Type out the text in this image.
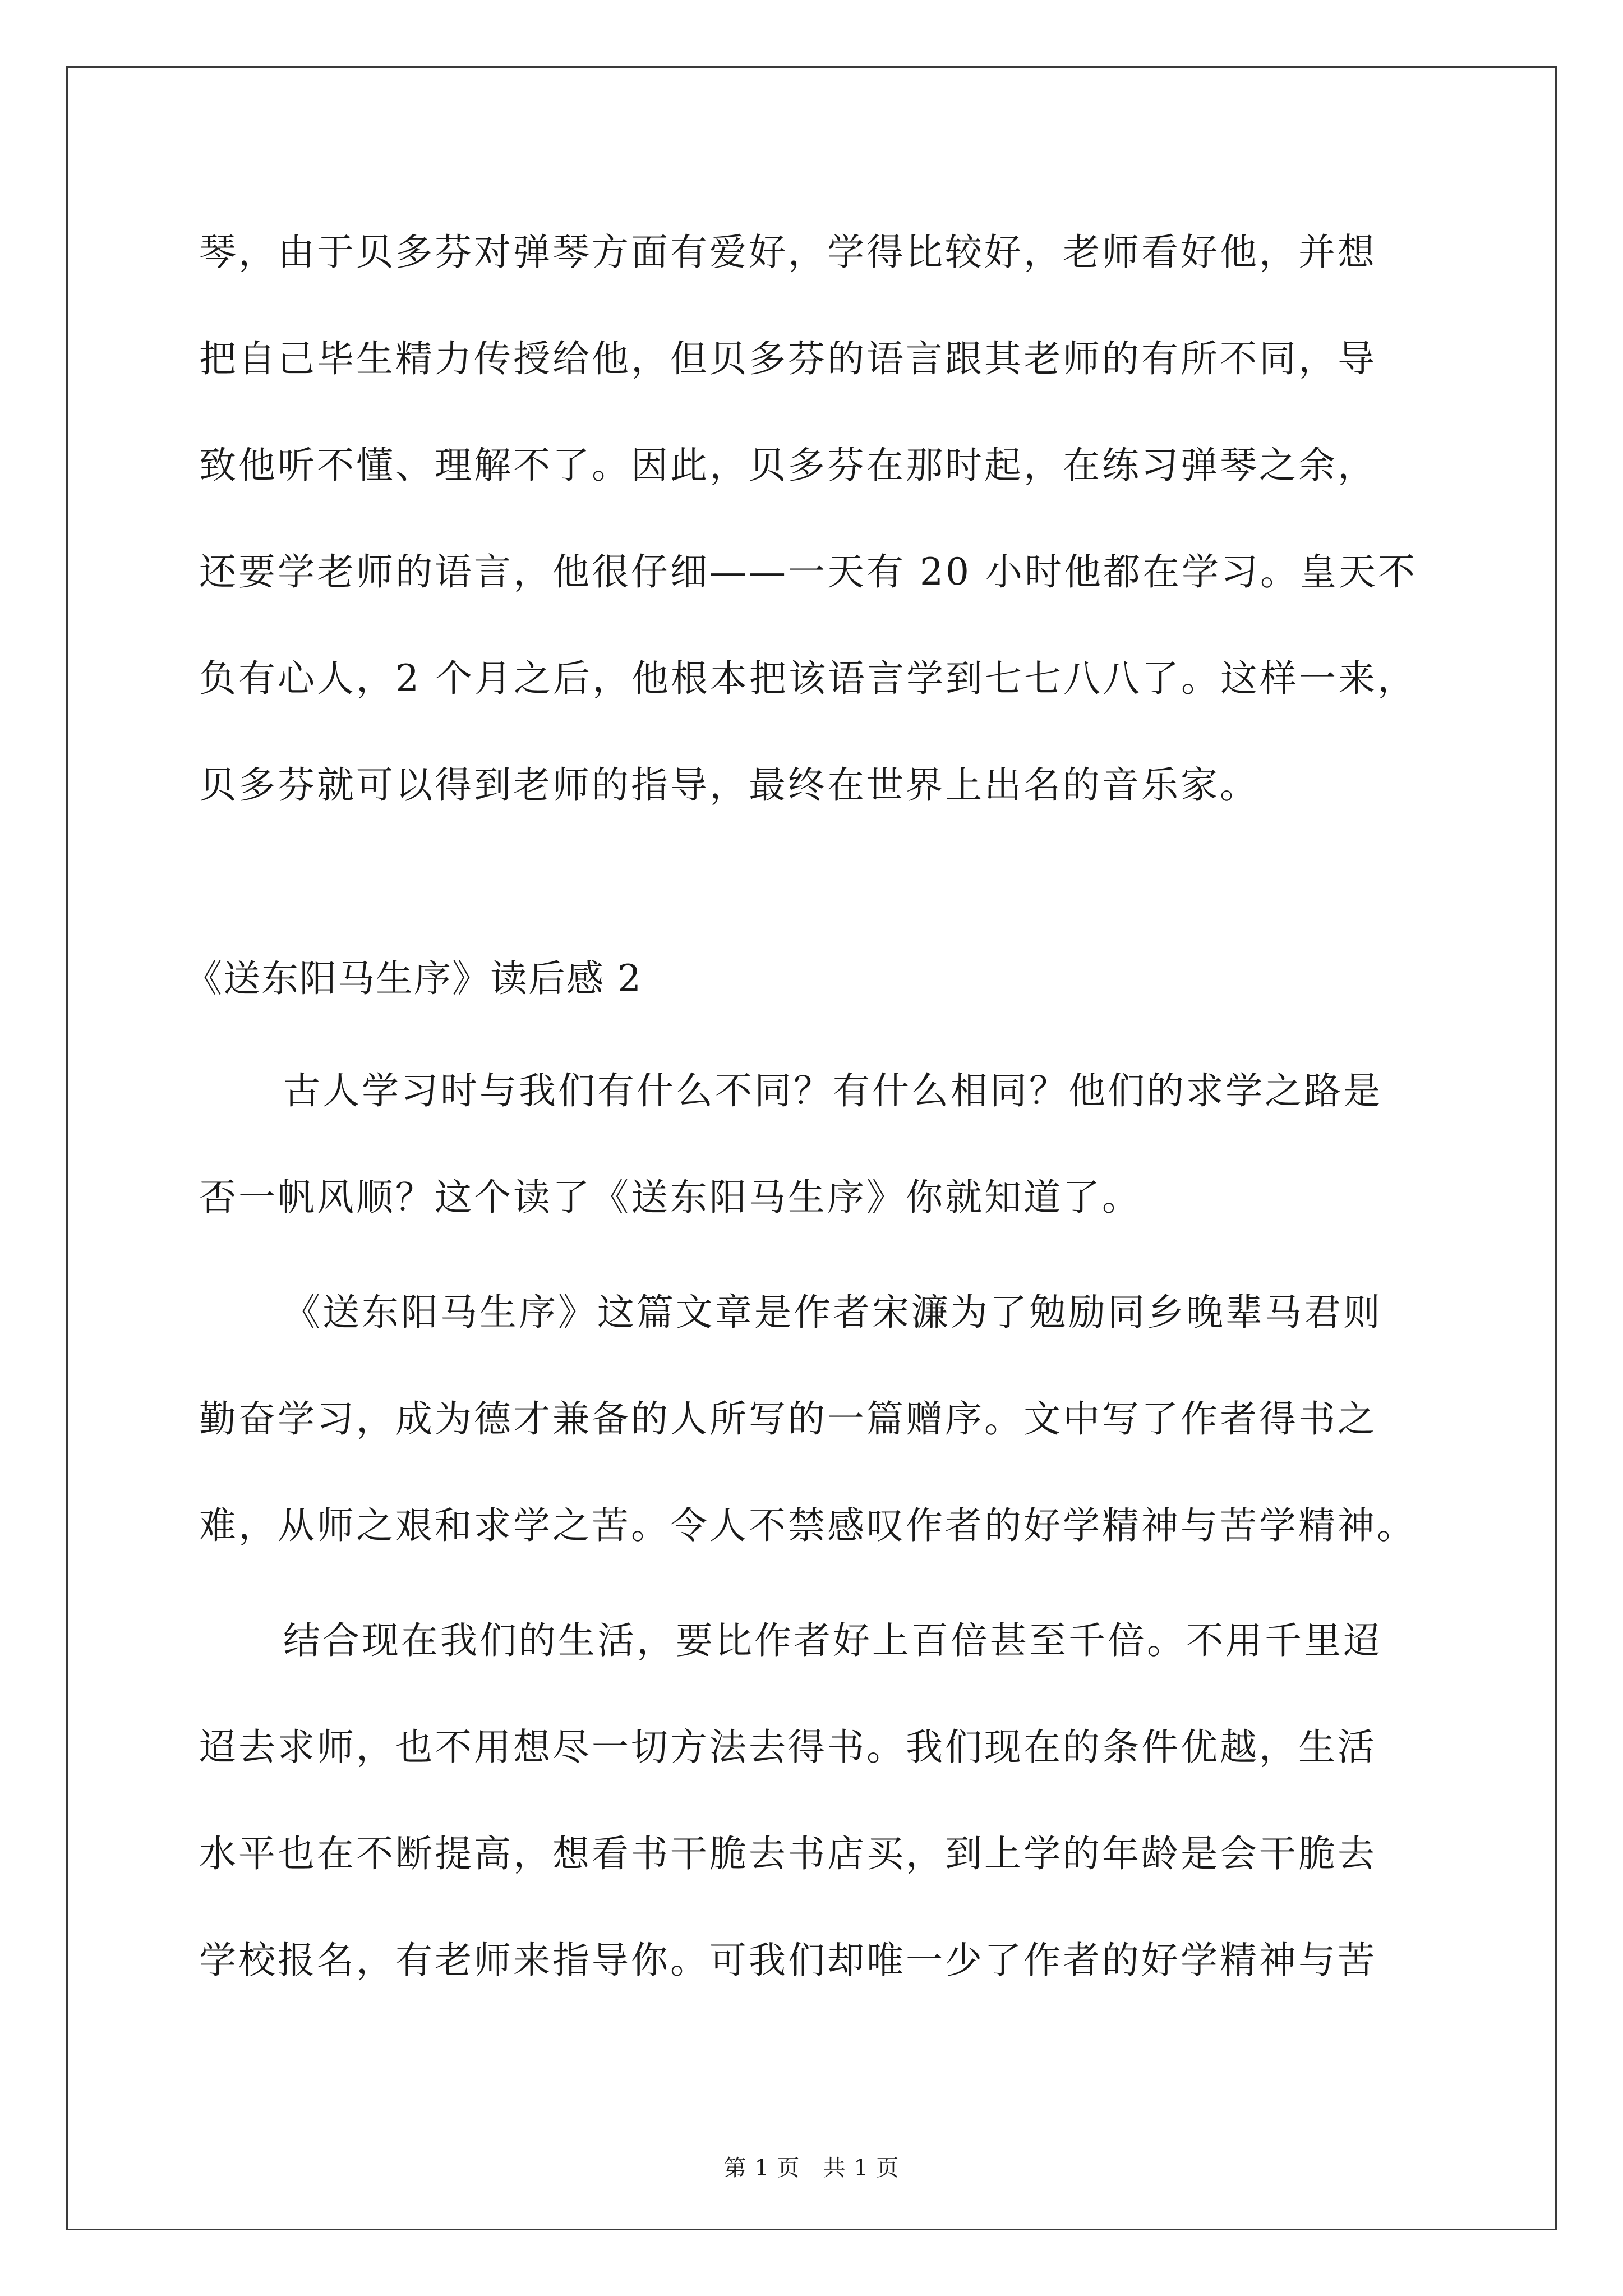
琴，由于贝多芬对弹琴方面有爱好，学得比较好，老师看好他，并想
把自己毕生精力传授给他，但贝多芬的语言跟其老师的有所不同，导
致他听不懂、理解不了。因此，贝多芬在那时起，在练习弹琴之余，
还要学老师的语言，他很仔细——一天有 20 小时他都在学习。皇天不
负有心人，2 个月之后，他根本把该语言学到七七八八了。这样一来，
贝多芬就可以得到老师的指导，最终在世界上出名的音乐家。
《送东阳马生序》读后感 2
古人学习时与我们有什么不同？有什么相同？他们的求学之路是
否一帆风顺？这个读了《送东阳马生序》你就知道了。
《送东阳马生序》这篇文章是作者宋濂为了勉励同乡晚辈马君则
勤奋学习，成为德才兼备的人所写的一篇赠序。文中写了作者得书之
难，从师之艰和求学之苦。令人不禁感叹作者的好学精神与苦学精神。
结合现在我们的生活，要比作者好上百倍甚至千倍。不用千里迢
迢去求师，也不用想尽一切方法去得书。我们现在的条件优越，生活
水平也在不断提高，想看书干脆去书店买，到上学的年龄是会干脆去
学校报名，有老师来指导你。可我们却唯一少了作者的好学精神与苦
第 1 页　共 1 页
